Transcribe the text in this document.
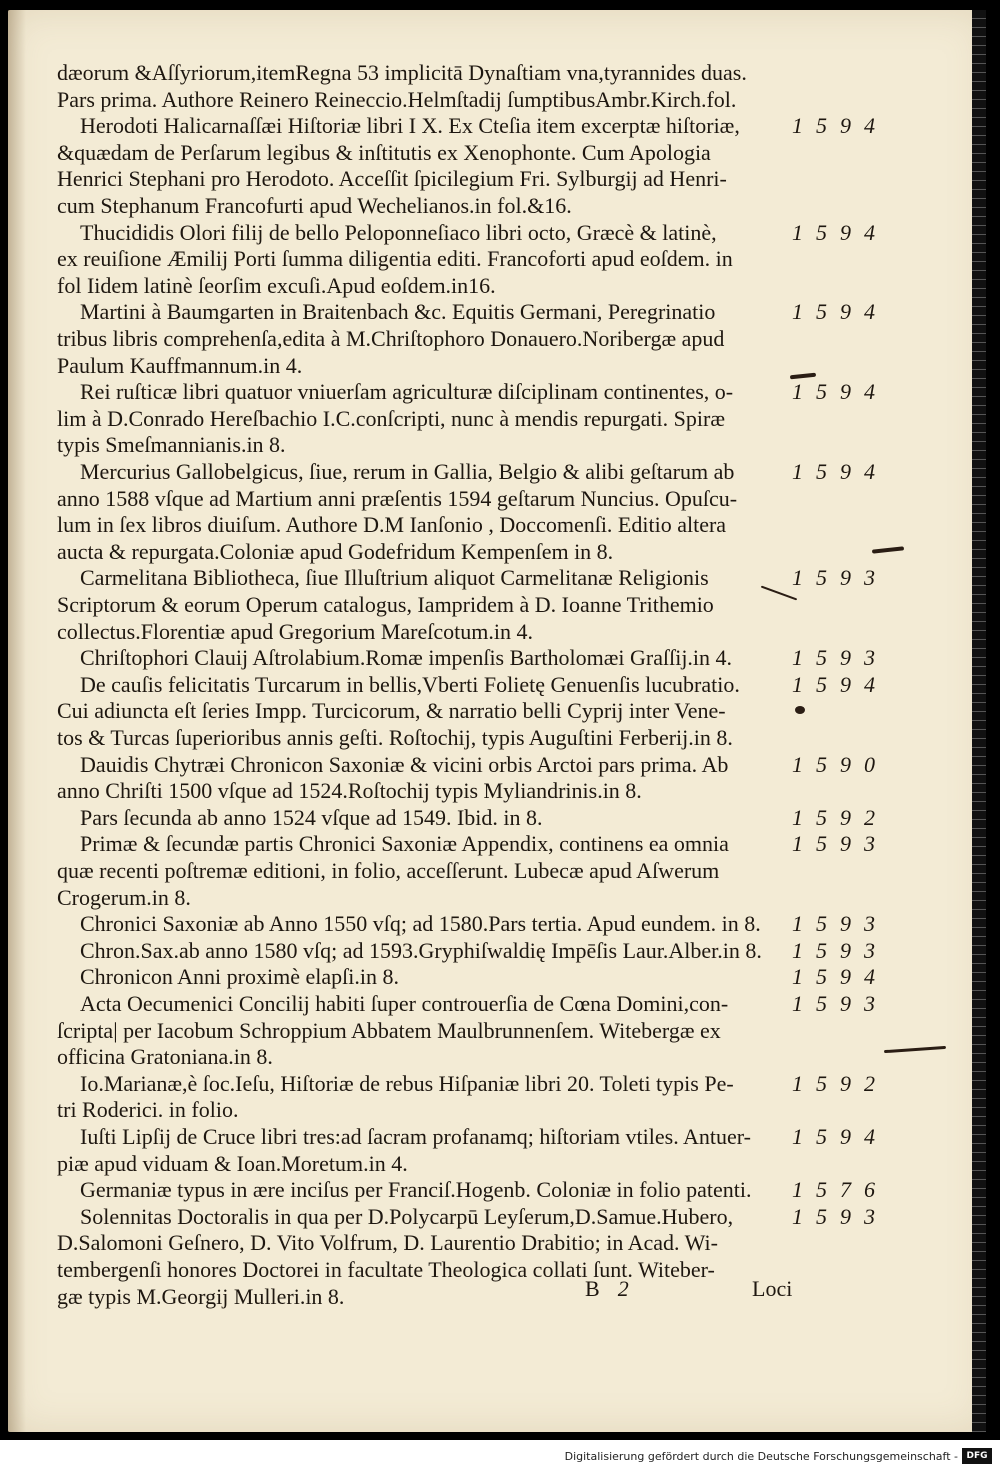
dæorum &Aſſyriorum,itemRegna 53 implicitā Dynaſtiam vna,tyrannides duas.
Pars prima. Authore Reinero Reineccio.Helmſtadij ſumptibusAmbr.Kirch.fol.
Herodoti Halicarnaſſæi Hiſtoriæ libri I X. Ex Cteſia item excerptæ hiſtoriæ, 1594
&quædam de Perſarum legibus & inſtitutis ex Xenophonte. Cum Apologia
Henrici Stephani pro Herodoto. Acceſſit ſpicilegium Fri. Sylburgij ad Henri-
cum Stephanum Francofurti apud Wechelianos.in fol.&16.
Thucididis Olori filij de bello Peloponneſiaco libri octo, Græcè & latinè,	1594
ex reuiſione Æmilij Porti ſumma diligentia editi. Francoforti apud eoſdem. in
fol Iidem latinè ſeorſim excuſi.Apud eoſdem.in16.
Martini à Baumgarten in Braitenbach &c. Equitis Germani, Peregrinatio	1594
tribus libris comprehenſa,edita à M.Chriſtophoro Donauero.Noribergæ apud
Paulum Kauffmannum.in 4.
Rei ruſticæ libri quatuor vniuerſam agriculturæ diſciplinam continentes, o-	1594
lim à D.Conrado Hereſbachio I.C.conſcripti, nunc à mendis repurgati. Spiræ
typis Smeſmannianis.in 8.
Mercurius Gallobelgicus, ſiue, rerum in Gallia, Belgio & alibi geſtarum ab	1594
anno 1588 vſque ad Martium anni præſentis 1594 geſtarum Nuncius. Opuſcu-
lum in ſex libros diuiſum. Authore D.M Ianſonio , Doccomenſi. Editio altera
aucta & repurgata.Coloniæ apud Godefridum Kempenſem in 8.
Carmelitana Bibliotheca, ſiue Illuſtrium aliquot Carmelitanæ Religionis	1593
Scriptorum & eorum Operum catalogus, Iampridem à D. Ioanne Trithemio
collectus.Florentiæ apud Gregorium Mareſcotum.in 4.
Chriſtophori Clauij Aſtrolabium.Romæ impenſis Bartholomæi Graſſij.in 4.	1593
De cauſis felicitatis Turcarum in bellis,Vberti Folietę Genuenſis lucubratio. 1594
Cui adiuncta eſt ſeries Impp. Turcicorum, & narratio belli Cyprij inter Vene-
tos & Turcas ſuperioribus annis geſti. Roſtochij, typis Auguſtini Ferberij.in 8.
Dauidis Chytræi Chronicon Saxoniæ & vicini orbis Arctoi pars prima. Ab	1590
anno Chriſti 1500 vſque ad 1524.Roſtochij typis Myliandrinis.in 8.
Pars ſecunda ab anno 1524 vſque ad 1549. Ibid. in 8.	1592
Primæ & ſecundæ partis Chronici Saxoniæ Appendix, continens ea omnia	1593
quæ recenti poſtremæ editioni, in folio, acceſſerunt. Lubecæ apud Aſwerum
Crogerum.in 8.
Chronici Saxoniæ ab Anno 1550 vſq; ad 1580.Pars tertia. Apud eundem. in 8. 1593
Chron.Sax.ab anno 1580 vſq; ad 1593.Gryphiſwaldię Impēſis Laur.Alber.in 8. 1593
Chronicon Anni proximè elapſi.in 8.	1594
Acta Oecumenici Concilij habiti ſuper controuerſia de Cœna Domini,con-	1593
ſcripta| per Iacobum Schroppium Abbatem Maulbrunnenſem. Witebergæ ex
officina Gratoniana.in 8.
Io.Marianæ,è ſoc.Ieſu, Hiſtoriæ de rebus Hiſpaniæ libri 20. Toleti typis Pe-	1592
tri Roderici. in folio.
Iuſti Lipſij de Cruce libri tres:ad ſacram profanamq; hiſtoriam vtiles. Antuer- 1594
piæ apud viduam & Ioan.Moretum.in 4.
Germaniæ typus in ære inciſus per Franciſ.Hogenb. Coloniæ in folio patenti. 1576
Solennitas Doctoralis in qua per D.Polycarpū Leyſerum,D.Samue.Hubero,	1593
D.Salomoni Geſnero, D. Vito Volfrum, D. Laurentio Drabitio; in Acad. Wi-
tembergenſi honores Doctorei in facultate Theologica collati ſunt. Witeber-
gæ typis M.Georgij Mulleri.in 8.	B 2	Loci
Digitalisierung gefördert durch die Deutsche Forschungsgemeinschaft - DFG
